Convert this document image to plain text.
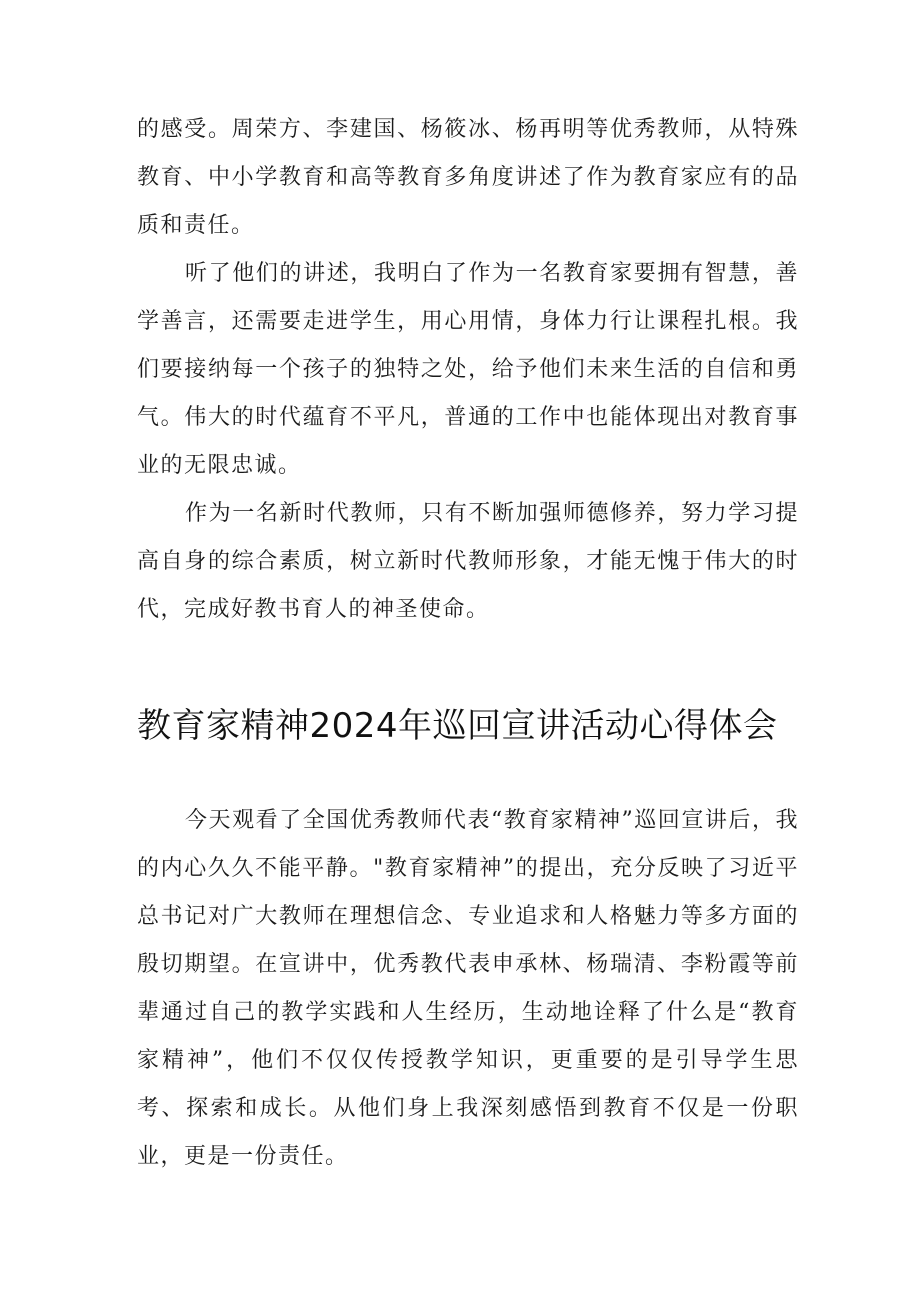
的感受。周荣方、李建国、杨筱冰、杨再明等优秀教师，从特殊教育、中小学教育和高等教育多角度讲述了作为教育家应有的品质和责任。

听了他们的讲述，我明白了作为一名教育家要拥有智慧，善学善言，还需要走进学生，用心用情，身体力行让课程扎根。我们要接纳每一个孩子的独特之处，给予他们未来生活的自信和勇气。伟大的时代蕴育不平凡，普通的工作中也能体现出对教育事业的无限忠诚。

作为一名新时代教师，只有不断加强师德修养，努力学习提高自身的综合素质，树立新时代教师形象，才能无愧于伟大的时代，完成好教书育人的神圣使命。

教育家精神2024年巡回宣讲活动心得体会

今天观看了全国优秀教师代表“教育家精神”巡回宣讲后，我的内心久久不能平静。"教育家精神”的提出，充分反映了习近平总书记对广大教师在理想信念、专业追求和人格魅力等多方面的殷切期望。在宣讲中，优秀教代表申承林、杨瑞清、李粉霞等前辈通过自己的教学实践和人生经历，生动地诠释了什么是“教育家精神”，他们不仅仅传授教学知识，更重要的是引导学生思考、探索和成长。从他们身上我深刻感悟到教育不仅是一份职业，更是一份责任。
